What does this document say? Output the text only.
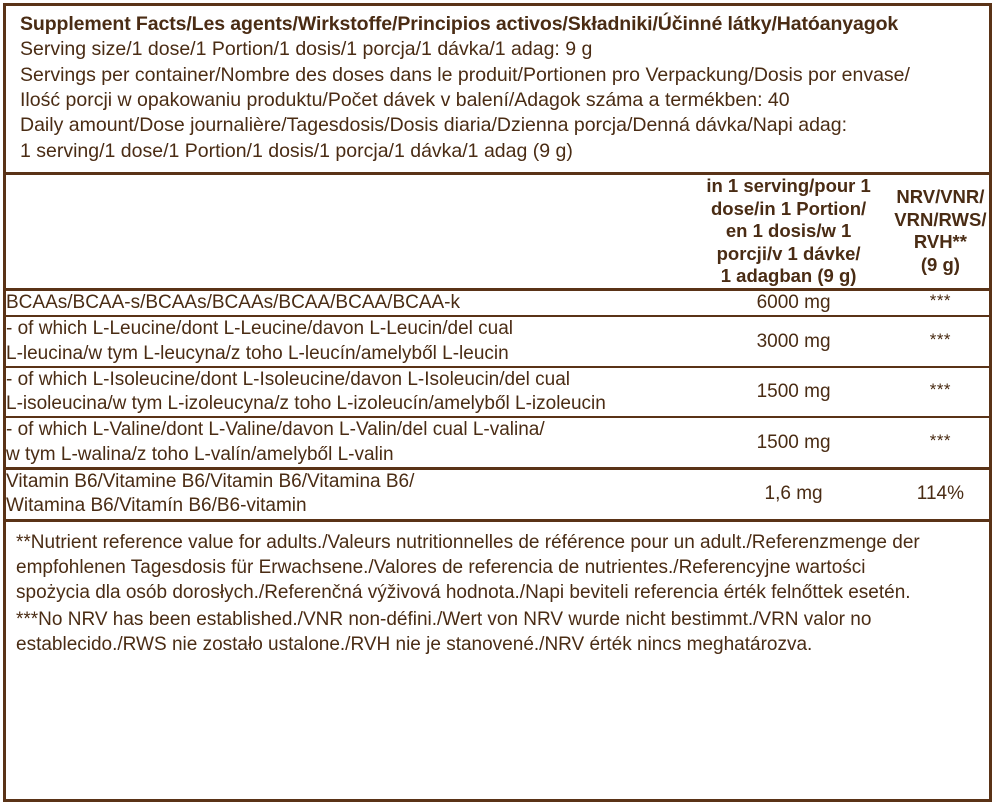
Supplement Facts/Les agents/Wirkstoffe/Principios activos/Składniki/Účinné látky/Hatóanyagok
Serving size/1 dose/1 Portion/1 dosis/1 porcja/1 dávka/1 adag: 9 g
Servings per container/Nombre des doses dans le produit/Portionen pro Verpackung/Dosis por envase/
Ilość porcji w opakowaniu produktu/Počet dávek v balení/Adagok száma a termékben: 40
Daily amount/Dose journalière/Tagesdosis/Dosis diaria/Dzienna porcja/Denná dávka/Napi adag:
1 serving/1 dose/1 Portion/1 dosis/1 porcja/1 dávka/1 adag (9 g)

in 1 serving/pour 1
dose/in 1 Portion/
en 1 dosis/w 1
porcji/v 1 dávke/
1 adagban (9 g)

NRV/VNR/
VRN/RWS/
RVH**
(9 g)

BCAAs/BCAA-s/BCAAs/BCAAs/BCAA/BCAA/BCAA-k	6000 mg	***

- of which L-Leucine/dont L-Leucine/davon L-Leucin/del cual
L-leucina/w tym L-leucyna/z toho L-leucín/amelyből L-leucin	3000 mg	***

- of which L-Isoleucine/dont L-Isoleucine/davon L-Isoleucin/del cual
L-isoleucina/w tym L-izoleucyna/z toho L-izoleucín/amelyből L-izoleucin	1500 mg	***

- of which L-Valine/dont L-Valine/davon L-Valin/del cual L-valina/
w tym L-walina/z toho L-valín/amelyből L-valin	1500 mg	***

Vitamin B6/Vitamine B6/Vitamin B6/Vitamina B6/
Witamina B6/Vitamín B6/B6-vitamin	1,6 mg	114%

**Nutrient reference value for adults./Valeurs nutritionnelles de référence pour un adult./Referenzmenge der
empfohlenen Tagesdosis für Erwachsene./Valores de referencia de nutrientes./Referencyjne wartości
spożycia dla osób dorosłych./Referenčná výživová hodnota./Napi beviteli referencia érték felnőttek esetén.

***No NRV has been established./VNR non-défini./Wert von NRV wurde nicht bestimmt./VRN valor no
establecido./RWS nie zostało ustalone./RVH nie je stanovené./NRV érték nincs meghatározva.
